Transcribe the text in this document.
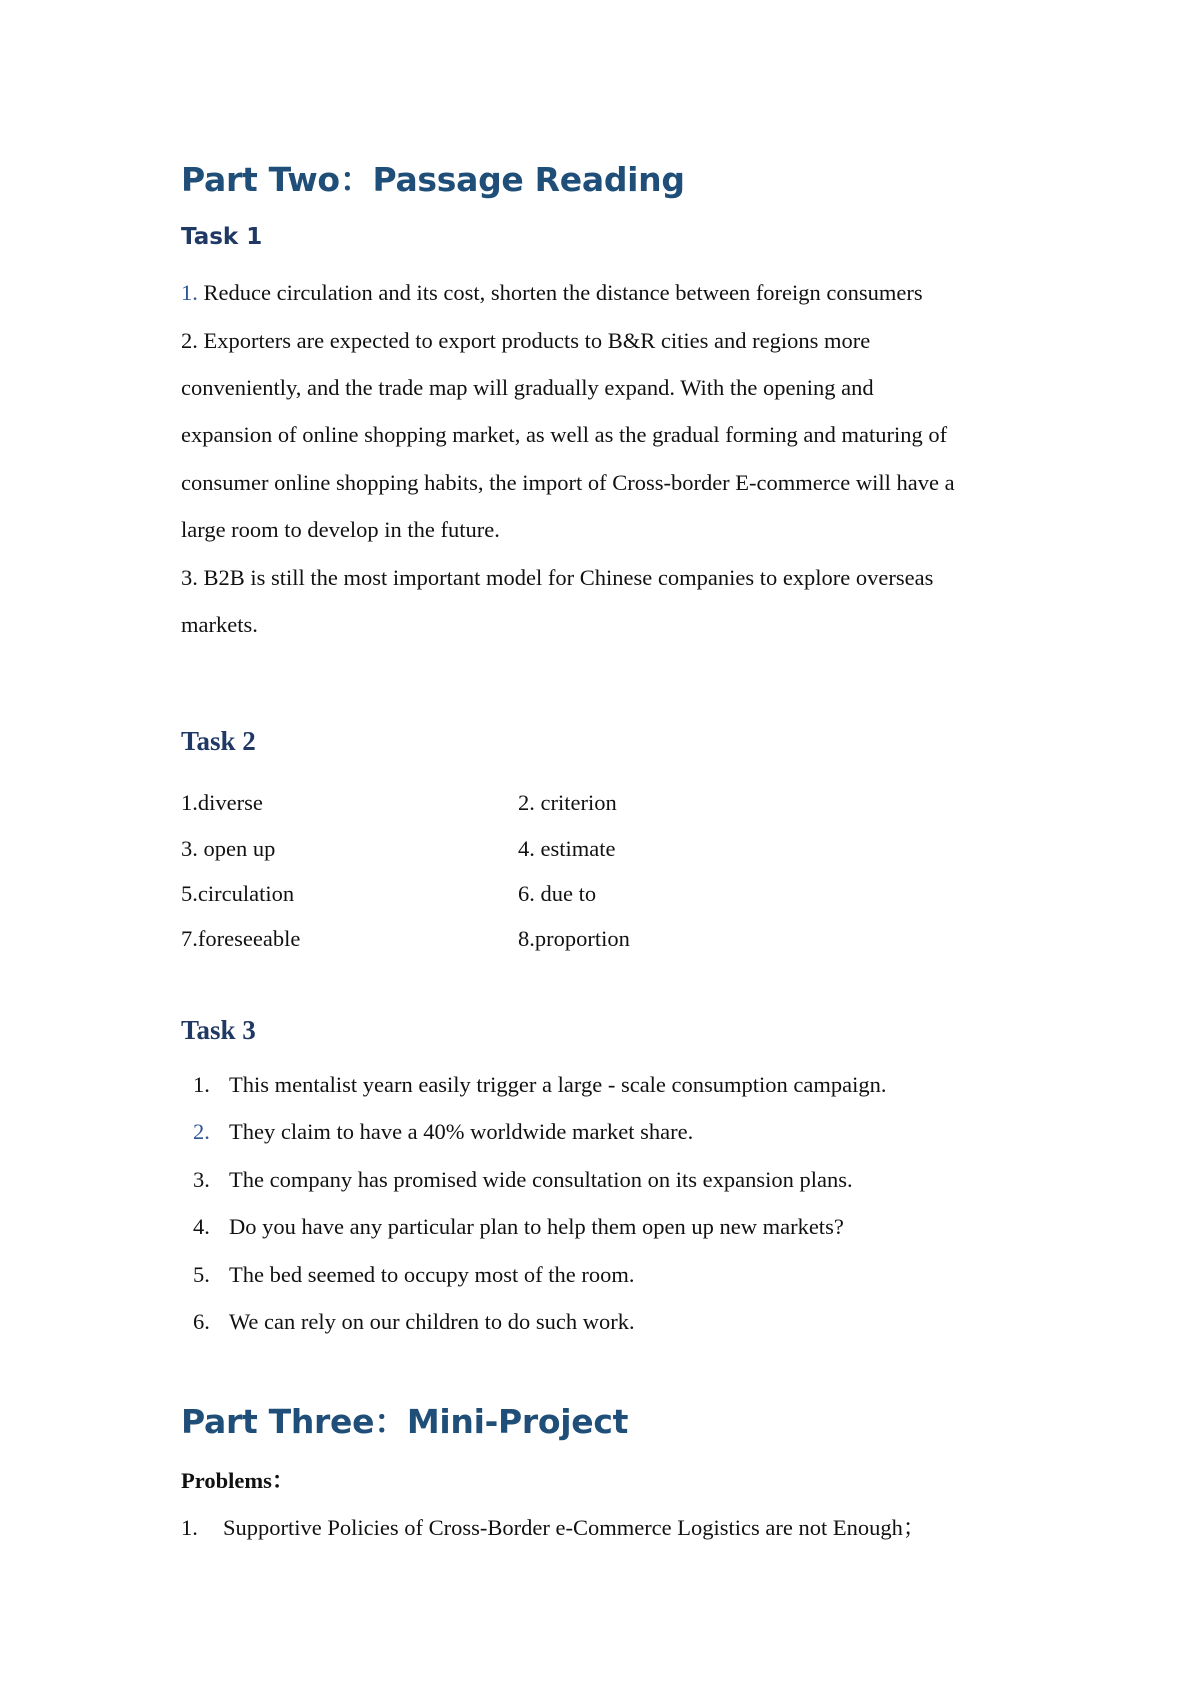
Part Two：Passage Reading
Task 1

1. Reduce circulation and its cost, shorten the distance between foreign consumers

2. Exporters are expected to export products to B&R cities and regions more

conveniently, and the trade map will gradually expand. With the opening and

expansion of online shopping market, as well as the gradual forming and maturing of

consumer online shopping habits, the import of Cross-border E-commerce will have a

large room to develop in the future.

3. B2B is still the most important model for Chinese companies to explore overseas

markets.

Task 2
1.diverse	2. criterion
3. open up	4. estimate
5.circulation	6. due to
7.foreseeable	8.proportion
Task 3
1. This mentalist yearn easily trigger a large - scale consumption campaign.
2. They claim to have a 40% worldwide market share.
3. The company has promised wide consultation on its expansion plans.
4. Do you have any particular plan to help them open up new markets?
5. The bed seemed to occupy most of the room.
6. We can rely on our children to do such work.
Part Three：Mini-Project
Problems：
1. Supportive Policies of Cross-Border e-Commerce Logistics are not Enough；
